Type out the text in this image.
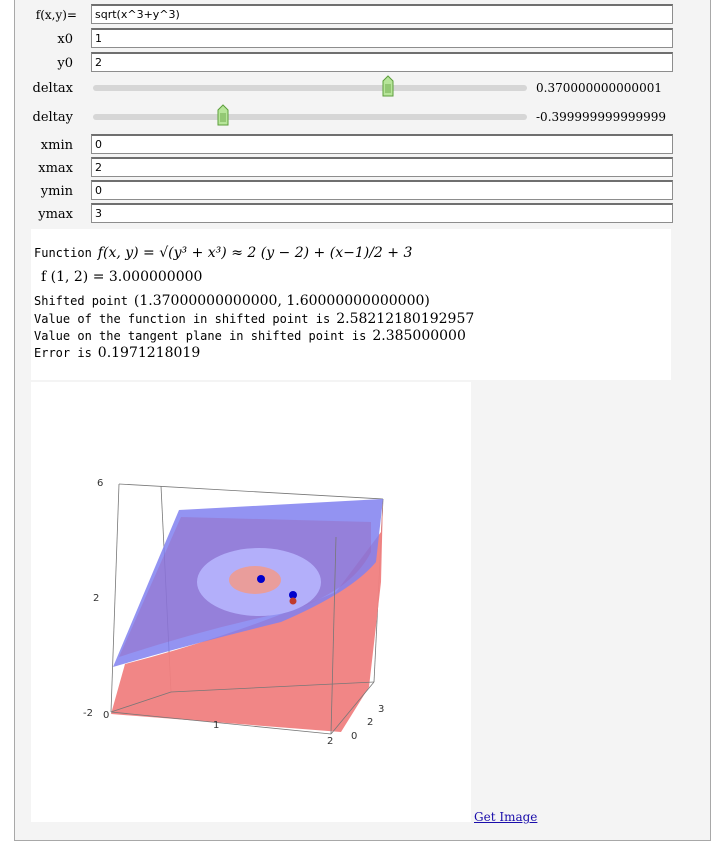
f(x,y)=
sqrt(x^3+y^3)
x0
1
y0
2
deltax	0.370000000000001
deltay	-0.399999999999999
xmin
0
xmax
2
ymin
0
ymax
3
Function f(x, y) = √(y³ + x³) ≈ 2 (y − 2) + (x−1)/2 + 3
f (1, 2) = 3.000000000
Shifted point (1.37000000000000, 1.60000000000000)
Value of the function in shifted point is 2.58212180192957
Value on the tangent plane in shifted point is 2.385000000
Error is 0.1971218019
6
2
-2 0
1
2 0
2
3
Get Image
